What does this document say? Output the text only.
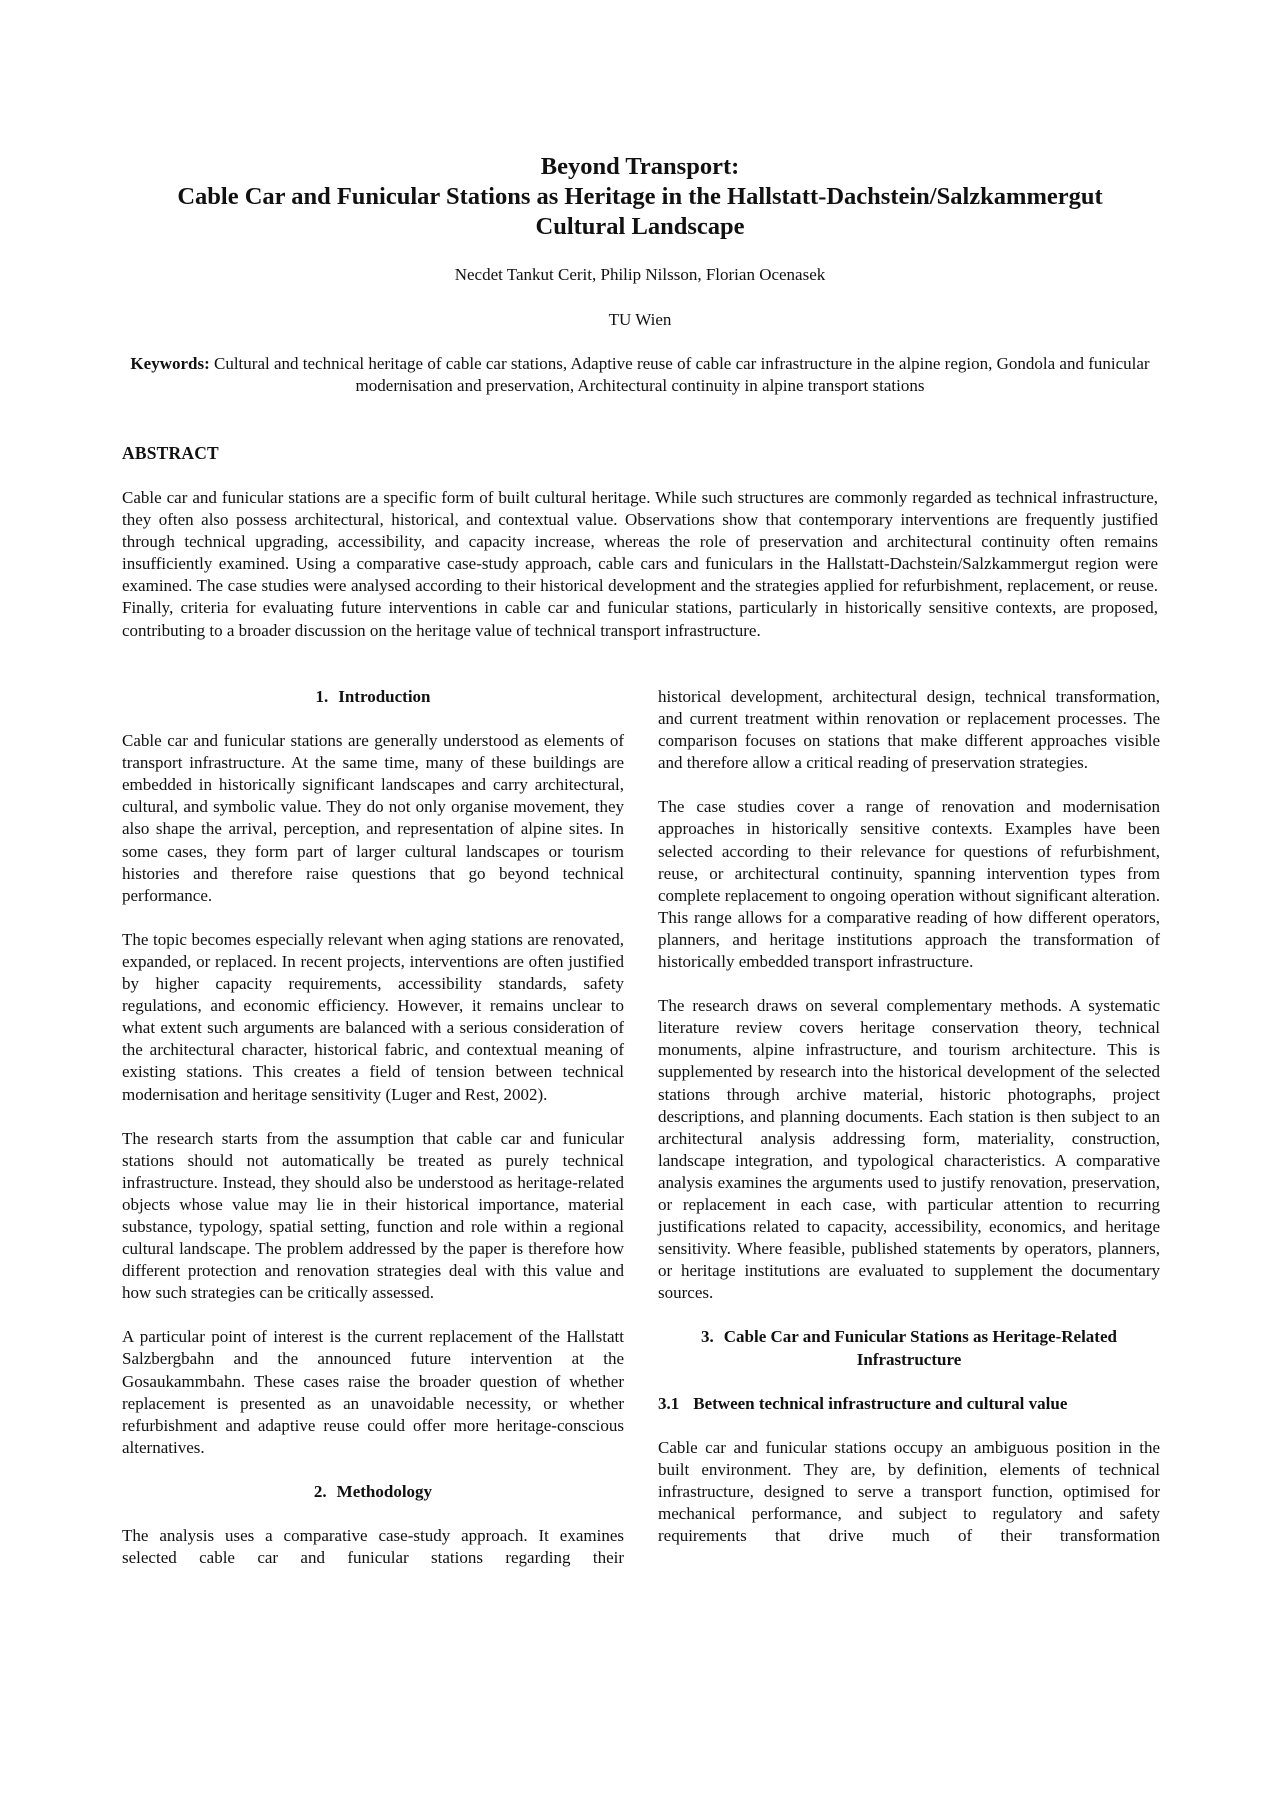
Beyond Transport:
Cable Car and Funicular Stations as Heritage in the Hallstatt-Dachstein/Salzkammergut
Cultural Landscape
Necdet Tankut Cerit, Philip Nilsson, Florian Ocenasek
TU Wien
Keywords: Cultural and technical heritage of cable car stations, Adaptive reuse of cable car infrastructure in the alpine region, Gondola and funicular modernisation and preservation, Architectural continuity in alpine transport stations
ABSTRACT
Cable car and funicular stations are a specific form of built cultural heritage. While such structures are commonly regarded as technical infrastructure, they often also possess architectural, historical, and contextual value. Observations show that contemporary interventions are frequently justified through technical upgrading, accessibility, and capacity increase, whereas the role of preservation and architectural continuity often remains insufficiently examined. Using a comparative case-study approach, cable cars and funiculars in the Hallstatt-Dachstein/Salzkammergut region were examined. The case studies were analysed according to their historical development and the strategies applied for refurbishment, replacement, or reuse. Finally, criteria for evaluating future interventions in cable car and funicular stations, particularly in historically sensitive contexts, are proposed, contributing to a broader discussion on the heritage value of technical transport infrastructure.
1. Introduction

Cable car and funicular stations are generally understood as elements of transport infrastructure. At the same time, many of these buildings are embedded in historically significant landscapes and carry architectural, cultural, and symbolic value. They do not only organise movement, they also shape the arrival, perception, and representation of alpine sites. In some cases, they form part of larger cultural landscapes or tourism histories and therefore raise questions that go beyond technical performance.

The topic becomes especially relevant when aging stations are renovated, expanded, or replaced. In recent projects, interventions are often justified by higher capacity requirements, accessibility standards, safety regulations, and economic efficiency. However, it remains unclear to what extent such arguments are balanced with a serious consideration of the architectural character, historical fabric, and contextual meaning of existing stations. This creates a field of tension between technical modernisation and heritage sensitivity (Luger and Rest, 2002).

The research starts from the assumption that cable car and funicular stations should not automatically be treated as purely technical infrastructure. Instead, they should also be understood as heritage-related objects whose value may lie in their historical importance, material substance, typology, spatial setting, function and role within a regional cultural landscape. The problem addressed by the paper is therefore how different protection and renovation strategies deal with this value and how such strategies can be critically assessed.

A particular point of interest is the current replacement of the Hallstatt Salzbergbahn and the announced future intervention at the Gosaukammbahn. These cases raise the broader question of whether replacement is presented as an unavoidable necessity, or whether refurbishment and adaptive reuse could offer more heritage-conscious alternatives.

2. Methodology

The analysis uses a comparative case-study approach. It examines selected cable car and funicular stations regarding their

historical development, architectural design, technical transformation, and current treatment within renovation or replacement processes. The comparison focuses on stations that make different approaches visible and therefore allow a critical reading of preservation strategies.

The case studies cover a range of renovation and modernisation approaches in historically sensitive contexts. Examples have been selected according to their relevance for questions of refurbishment, reuse, or architectural continuity, spanning intervention types from complete replacement to ongoing operation without significant alteration. This range allows for a comparative reading of how different operators, planners, and heritage institutions approach the transformation of historically embedded transport infrastructure.

The research draws on several complementary methods. A systematic literature review covers heritage conservation theory, technical monuments, alpine infrastructure, and tourism architecture. This is supplemented by research into the historical development of the selected stations through archive material, historic photographs, project descriptions, and planning documents. Each station is then subject to an architectural analysis addressing form, materiality, construction, landscape integration, and typological characteristics. A comparative analysis examines the arguments used to justify renovation, preservation, or replacement in each case, with particular attention to recurring justifications related to capacity, accessibility, economics, and heritage sensitivity. Where feasible, published statements by operators, planners, or heritage institutions are evaluated to supplement the documentary sources.

3. Cable Car and Funicular Stations as Heritage-Related
Infrastructure
3.1 Between technical infrastructure and cultural value

Cable car and funicular stations occupy an ambiguous position in the built environment. They are, by definition, elements of technical infrastructure, designed to serve a transport function, optimised for mechanical performance, and subject to regulatory and safety requirements that drive much of their transformation
